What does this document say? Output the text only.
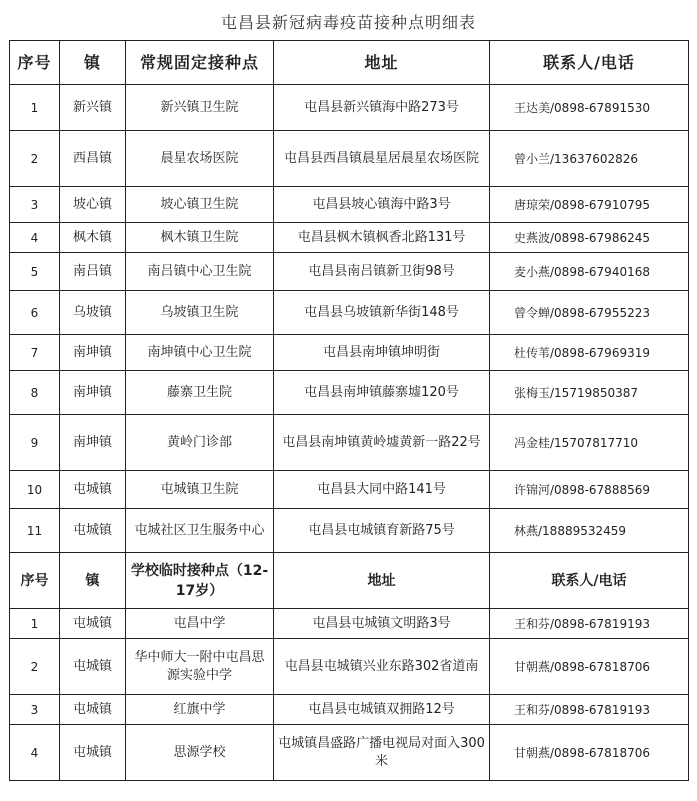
屯昌县新冠病毒疫苗接种点明细表
序号	镇	常规固定接种点	地址	联系人/电话
1	新兴镇	新兴镇卫生院	屯昌县新兴镇海中路273号	王达美/0898-67891530
2	西昌镇	晨星农场医院	屯昌县西昌镇晨星居晨星农场医院	曾小兰/13637602826
3	坡心镇	坡心镇卫生院	屯昌县坡心镇海中路3号	唐琼荣/0898-67910795
4	枫木镇	枫木镇卫生院	屯昌县枫木镇枫香北路131号	史燕波/0898-67986245
5	南吕镇	南吕镇中心卫生院	屯昌县南吕镇新卫街98号	麦小燕/0898-67940168
6	乌坡镇	乌坡镇卫生院	屯昌县乌坡镇新华街148号	曾令蝉/0898-67955223
7	南坤镇	南坤镇中心卫生院	屯昌县南坤镇坤明街	杜传苇/0898-67969319
8	南坤镇	藤寨卫生院	屯昌县南坤镇藤寨墟120号	张梅玉/15719850387
9	南坤镇	黄岭门诊部	屯昌县南坤镇黄岭墟黄新一路22号	冯金桂/15707817710
10	屯城镇	屯城镇卫生院	屯昌县大同中路141号	许锦河/0898-67888569
11	屯城镇	屯城社区卫生服务中心	屯昌县屯城镇育新路75号	林燕/18889532459
序号	镇	学校临时接种点（12-17岁）	地址	联系人/电话
1	屯城镇	屯昌中学	屯昌县屯城镇文明路3号	王和芬/0898-67819193
2	屯城镇	华中师大一附中屯昌思源实验中学	屯昌县屯城镇兴业东路302省道南	甘朝燕/0898-67818706
3	屯城镇	红旗中学	屯昌县屯城镇双拥路12号	王和芬/0898-67819193
4	屯城镇	思源学校	屯城镇昌盛路广播电视局对面入300米	甘朝燕/0898-67818706
